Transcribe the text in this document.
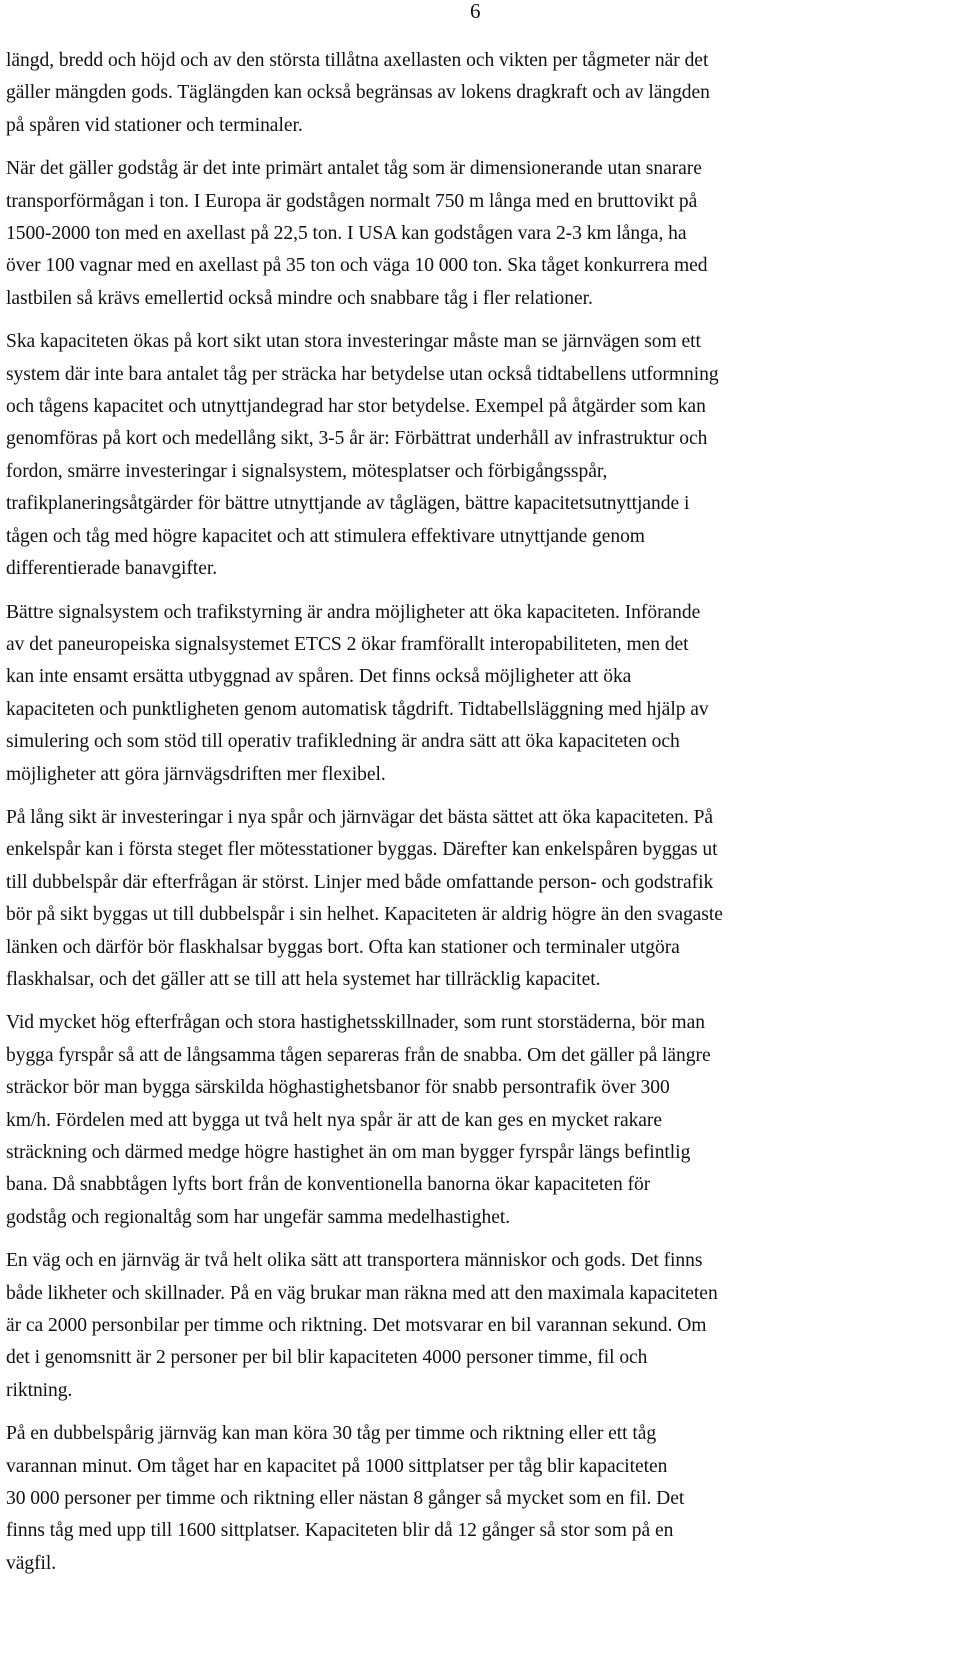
6

längd, bredd och höjd och av den största tillåtna axellasten och vikten per tågmeter när det
gäller mängden gods. Täglängden kan också begränsas av lokens dragkraft och av längden
på spåren vid stationer och terminaler.

När det gäller godståg är det inte primärt antalet tåg som är dimensionerande utan snarare
transporförmågan i ton. I Europa är godstågen normalt 750 m långa med en bruttovikt på
1500-2000 ton med en axellast på 22,5 ton. I USA kan godstågen vara 2-3 km långa, ha
över 100 vagnar med en axellast på 35 ton och väga 10 000 ton. Ska tåget konkurrera med
lastbilen så krävs emellertid också mindre och snabbare tåg i fler relationer.

Ska kapaciteten ökas på kort sikt utan stora investeringar måste man se järnvägen som ett
system där inte bara antalet tåg per sträcka har betydelse utan också tidtabellens utformning
och tågens kapacitet och utnyttjandegrad har stor betydelse. Exempel på åtgärder som kan
genomföras på kort och medellång sikt, 3-5 år är: Förbättrat underhåll av infrastruktur och
fordon, smärre investeringar i signalsystem, mötesplatser och förbigångsspår,
trafikplaneringsåtgärder för bättre utnyttjande av tåglägen, bättre kapacitetsutnyttjande i
tågen och tåg med högre kapacitet och att stimulera effektivare utnyttjande genom
differentierade banavgifter.

Bättre signalsystem och trafikstyrning är andra möjligheter att öka kapaciteten. Införande
av det paneuropeiska signalsystemet ETCS 2 ökar framförallt interopabiliteten, men det
kan inte ensamt ersätta utbyggnad av spåren. Det finns också möjligheter att öka
kapaciteten och punktligheten genom automatisk tågdrift. Tidtabellsläggning med hjälp av
simulering och som stöd till operativ trafikledning är andra sätt att öka kapaciteten och
möjligheter att göra järnvägsdriften mer flexibel.

På lång sikt är investeringar i nya spår och järnvägar det bästa sättet att öka kapaciteten. På
enkelspår kan i första steget fler mötesstationer byggas. Därefter kan enkelspåren byggas ut
till dubbelspår där efterfrågan är störst. Linjer med både omfattande person- och godstrafik
bör på sikt byggas ut till dubbelspår i sin helhet. Kapaciteten är aldrig högre än den svagaste
länken och därför bör flaskhalsar byggas bort. Ofta kan stationer och terminaler utgöra
flaskhalsar, och det gäller att se till att hela systemet har tillräcklig kapacitet.

Vid mycket hög efterfrågan och stora hastighetsskillnader, som runt storstäderna, bör man
bygga fyrspår så att de långsamma tågen separeras från de snabba. Om det gäller på längre
sträckor bör man bygga särskilda höghastighetsbanor för snabb persontrafik över 300
km/h. Fördelen med att bygga ut två helt nya spår är att de kan ges en mycket rakare
sträckning och därmed medge högre hastighet än om man bygger fyrspår längs befintlig
bana. Då snabbtågen lyfts bort från de konventionella banorna ökar kapaciteten för
godståg och regionaltåg som har ungefär samma medelhastighet.

En väg och en järnväg är två helt olika sätt att transportera människor och gods. Det finns
både likheter och skillnader. På en väg brukar man räkna med att den maximala kapaciteten
är ca 2000 personbilar per timme och riktning. Det motsvarar en bil varannan sekund. Om
det i genomsnitt är 2 personer per bil blir kapaciteten 4000 personer timme, fil och
riktning.

På en dubbelspårig järnväg kan man köra 30 tåg per timme och riktning eller ett tåg
varannan minut. Om tåget har en kapacitet på 1000 sittplatser per tåg blir kapaciteten
30 000 personer per timme och riktning eller nästan 8 gånger så mycket som en fil. Det
finns tåg med upp till 1600 sittplatser. Kapaciteten blir då 12 gånger så stor som på en
vägfil.
